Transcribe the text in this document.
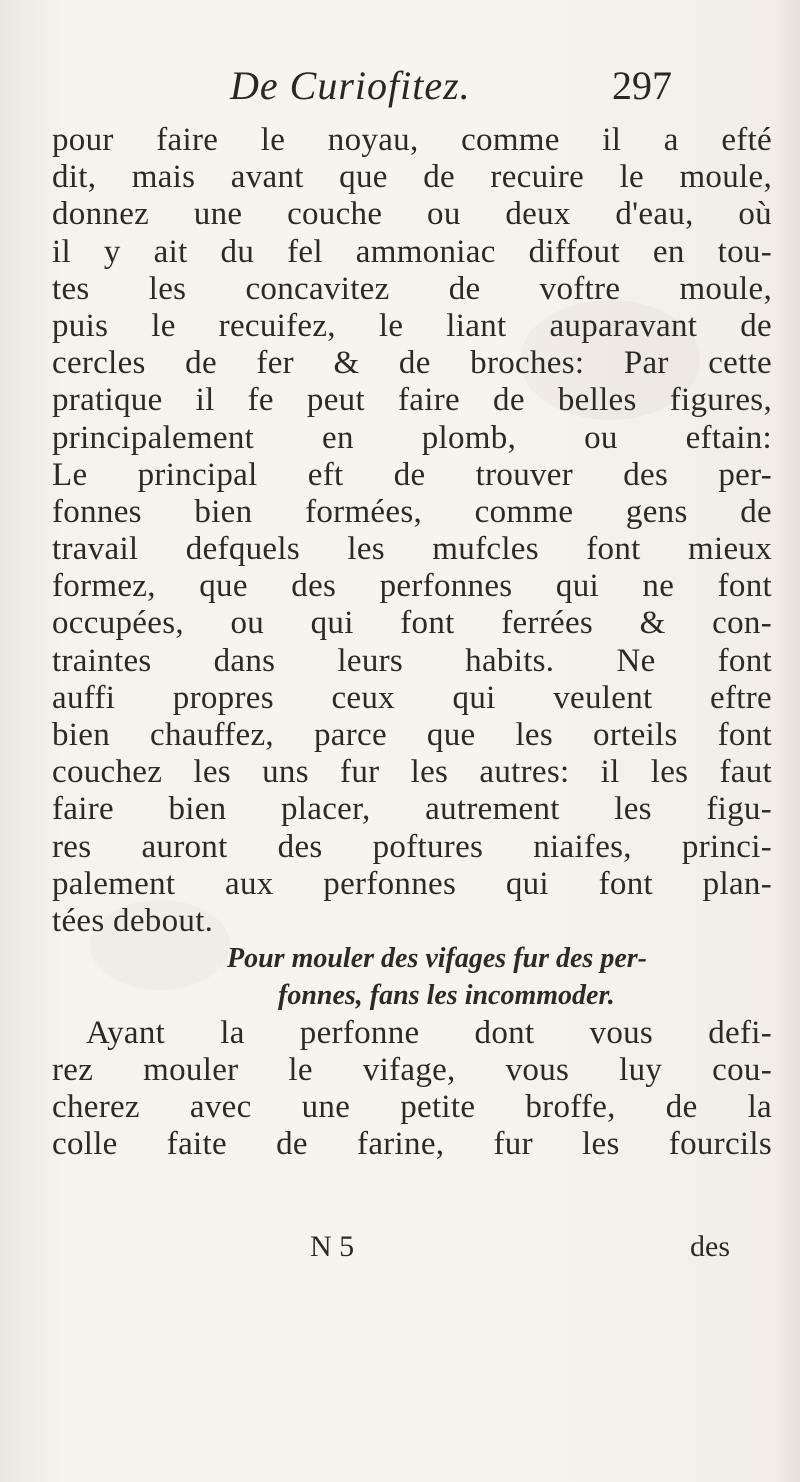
De Curiofitez.	297
pour faire le noyau, comme il a efté
dit, mais avant que de recuire le moule,
donnez une couche ou deux d'eau, où
il y ait du fel ammoniac diffout en tou-
tes les concavitez de voftre moule,
puis le recuifez, le liant auparavant de
cercles de fer & de broches: Par cette
pratique il fe peut faire de belles figures,
principalement en plomb, ou eftain:
Le principal eft de trouver des per-
fonnes bien formées, comme gens de
travail defquels les mufcles font mieux
formez, que des perfonnes qui ne font
occupées, ou qui font ferrées & con-
traintes dans leurs habits. Ne font
auffi propres ceux qui veulent eftre
bien chauffez, parce que les orteils font
couchez les uns fur les autres: il les faut
faire bien placer, autrement les figu-
res auront des poftures niaifes, princi-
palement aux perfonnes qui font plan-
tées debout.
Pour mouler des vifages fur des per-
fonnes, fans les incommoder.
Ayant la perfonne dont vous defi-
rez mouler le vifage, vous luy cou-
cherez avec une petite broffe, de la
colle faite de farine, fur les fourcils
N 5	des
